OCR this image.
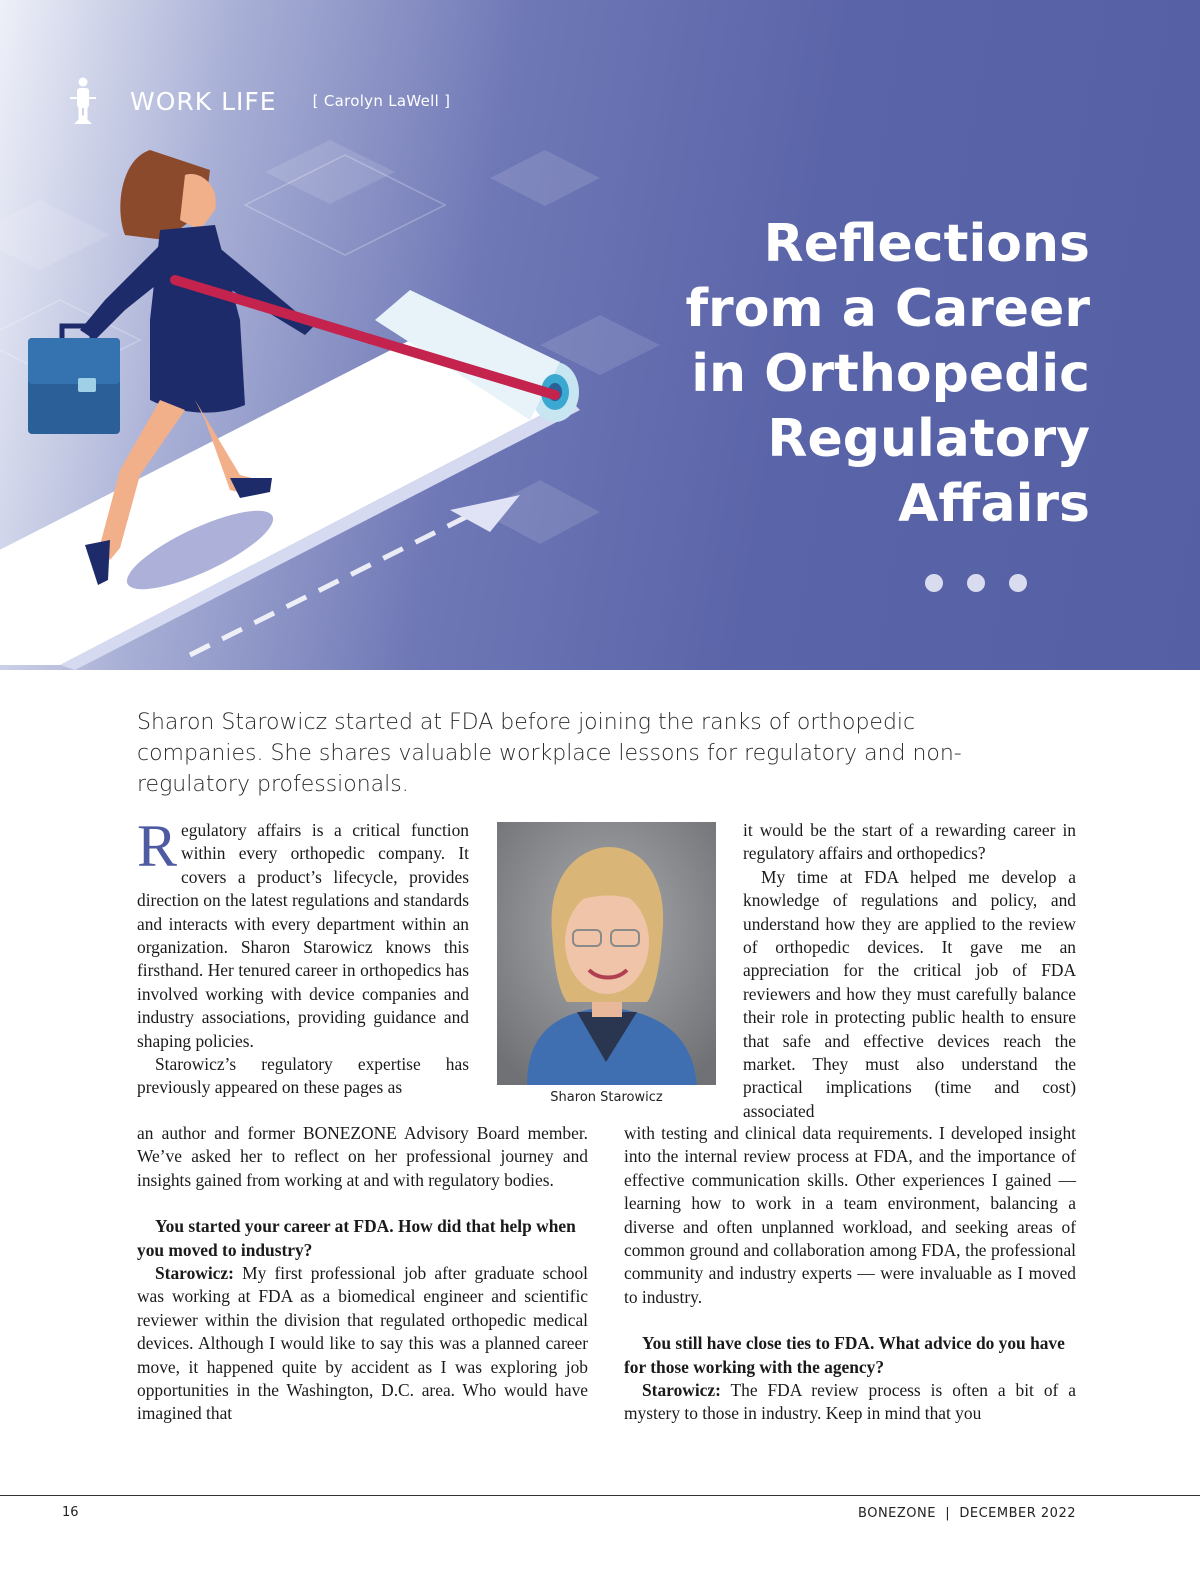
WORK LIFE [ Carolyn LaWell ]
Reflections
from a Career
in Orthopedic
Regulatory
Affairs

Sharon Starowicz started at FDA before joining the ranks of orthopedic companies. She shares valuable workplace lessons for regulatory and non-regulatory professionals.

Regulatory affairs is a critical function within every orthopedic company. It covers a product’s lifecycle, provides direction on the latest regulations and standards and interacts with every department within an organization. Sharon Starowicz knows this firsthand. Her tenured career in orthopedics has involved working with device companies and industry associations, providing guidance and shaping policies.

Starowicz’s regulatory expertise has previously appeared on these pages as

an author and former BONEZONE Advisory Board member. We’ve asked her to reflect on her professional journey and insights gained from working at and with regulatory bodies.

You started your career at FDA. How did that help when you moved to industry?

Starowicz: My first professional job after graduate school was working at FDA as a biomedical engineer and scientific reviewer within the division that regulated orthopedic medical devices. Although I would like to say this was a planned career move, it happened quite by accident as I was exploring job opportunities in the Washington, D.C. area. Who would have imagined that

Sharon Starowicz

it would be the start of a rewarding career in regulatory affairs and orthopedics?

My time at FDA helped me develop a knowledge of regulations and policy, and understand how they are applied to the review of orthopedic devices. It gave me an appreciation for the critical job of FDA reviewers and how they must carefully balance their role in protecting public health to ensure that safe and effective devices reach the market. They must also understand the practical implications (time and cost) associated

with testing and clinical data requirements. I developed insight into the internal review process at FDA, and the importance of effective communication skills. Other experiences I gained — learning how to work in a team environment, balancing a diverse and often unplanned workload, and seeking areas of common ground and collaboration among FDA, the professional community and industry experts — were invaluable as I moved to industry.

You still have close ties to FDA. What advice do you have for those working with the agency?

Starowicz: The FDA review process is often a bit of a mystery to those in industry. Keep in mind that you

16	BONEZONE  |  DECEMBER 2022
